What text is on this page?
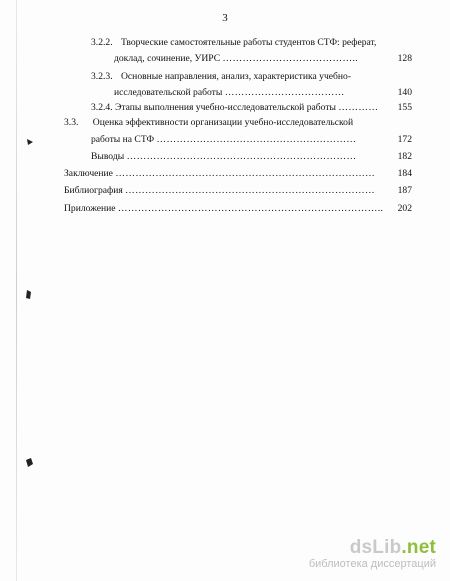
3
3.2.2. Творческие самостоятельные работы студентов СТФ: реферат,
доклад, сочинение, УИРС …………………………………..	128
3.2.3. Основные направления, анализ, характеристика учебно-
исследовательской работы ………………………………	140
3.2.4. Этапы выполнения учебно-исследовательской работы ………… 155
3.3. Оценка эффективности организации учебно-исследовательской
работы на СТФ ……………………………………………………	172
Выводы ……………………………………………………………	182
Заключение …………………………………………………………………… 184
Библиография ………………………………………………………………… 187
Приложение …………………………………………………………………….. 202
dsLib.net
библиотека диссертаций
